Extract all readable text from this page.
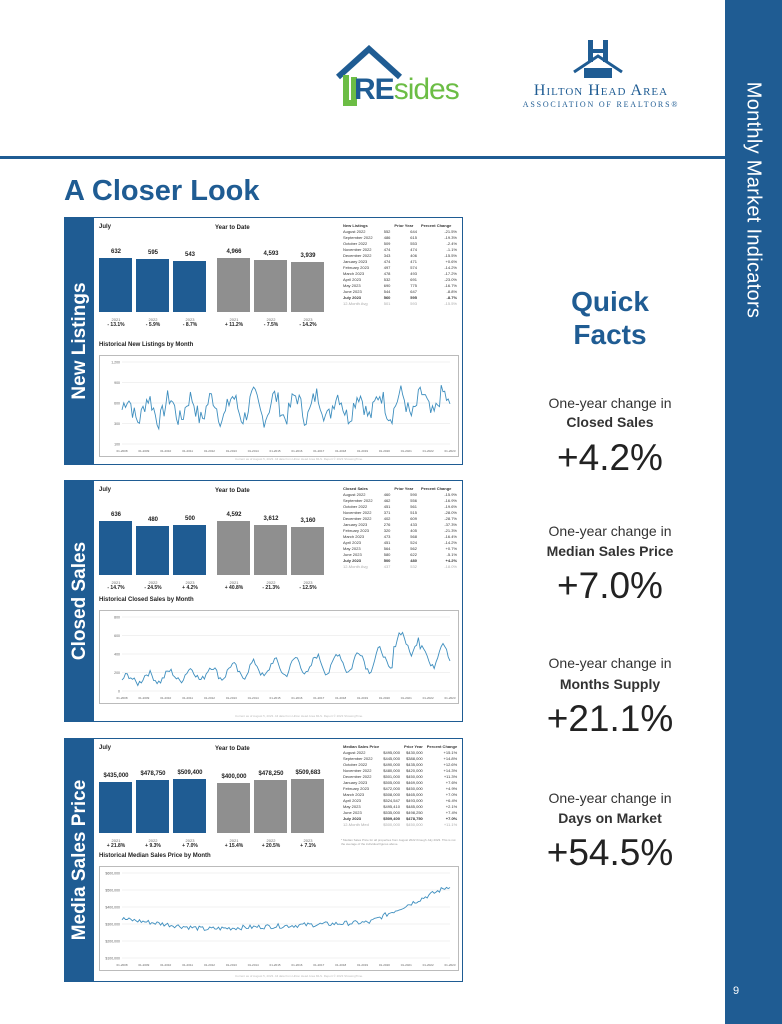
REsides	Hilton Head Area
ASSOCIATION OF REALTORS®	Monthly Market Indicators
9
A Closer Look
New Listings
July	Year to Date
632
2021
- 13.1%
595
2022
- 5.9%
543
2023
- 8.7%
4,966
2021
+ 11.2%
4,593
2022
- 7.5%
3,939
2023
- 14.2%
New Listings		Prior Year	Percent Change
August 2022	552	644	-21.5%
September 2022	486	615	-19.3%
October 2022	509	553	-2.4%
November 2022	474	474	-1.1%
December 2022	343	406	-15.5%
January 2023	474	471	+0.6%
February 2023	497	574	-14.2%
March 2023	478	493	-17.2%
April 2023	532	691	-23.0%
May 2023	690	775	-16.7%
June 2023	544	647	-8.8%
July 2023	560	595	-8.7%
12-Month Avg	501	593	-15.5%
Historical New Listings by Month
1,200
900
600
300
100
01-2008	01-2009	01-2010	01-2011	01-2012	01-2013	01-2014	01-2015	01-2016	01-2017	01-2018	01-2019	01-2020	01-2021	01-2022	01-2023
Current as of August 5, 2023. All data from Hilton Head Area MLS. Report © 2023 ShowingTime.
Closed Sales
July	Year to Date
636
2021
- 14.7%
480
2022
- 24.5%
500
2023
+ 4.2%
4,592
2021
+ 40.8%
3,612
2022
- 21.3%
3,160
2023
- 12.5%
Closed Sales		Prior Year	Percent Change
August 2022	460	590	-15.9%
September 2022	462	556	-16.9%
October 2022	451	561	-19.6%
November 2022	371	515	-28.0%
December 2022	402	609	-28.7%
January 2023	276	433	-37.3%
February 2023	320	405	-21.3%
March 2023	473	568	-16.4%
April 2023	451	524	-14.2%
May 2023	564	562	+0.7%
June 2023	580	622	-5.1%
July 2023	500	480	+4.2%
12-Month Avg	437	532	-18.0%
Historical Closed Sales by Month
800
600
400
200
0
01-2008	01-2009	01-2010	01-2011	01-2012	01-2013	01-2014	01-2015	01-2016	01-2017	01-2018	01-2019	01-2020	01-2021	01-2022	01-2023
Current as of August 5, 2023. All data from Hilton Head Area MLS. Report © 2023 ShowingTime.
Media Sales Price
July	Year to Date
$435,000
2021
+ 21.8%
$478,750
2022
+ 9.3%
$509,400
2023
+ 7.0%
$400,000
2021
+ 15.4%
$478,250
2022
+ 20.5%
$509,683
2023
+ 7.1%
Median Sales Price		Prior Year	Percent Change
August 2022	$495,000	$430,000	+15.1%
September 2022	$445,000	$388,000	+14.8%
October 2022	$490,000	$435,000	+12.6%
November 2022	$480,000	$420,000	+14.3%
December 2022	$501,000	$450,000	+11.3%
January 2023	$505,000	$469,000	+7.6%
February 2023	$472,000	$450,000	+4.9%
March 2023	$508,000	$465,000	+7.0%
April 2023	$524,547	$493,000	+6.4%
May 2023	$495,410	$485,000	+2.1%
June 2023	$535,000	$498,250	+7.4%
July 2023	$509,400	$478,750	+7.0%
12-Month Med	$500,000	$450,000	+11.1%
* Median Sales Price for all properties from August 2022 through July 2023. This is not the average of the individual figures above.
Historical Median Sales Price by Month
$600,000
$500,000
$400,000
$300,000
$200,000
$100,000
01-2008	01-2009	01-2010	01-2011	01-2012	01-2013	01-2014	01-2015	01-2016	01-2017	01-2018	01-2019	01-2020	01-2021	01-2022	01-2023
Current as of August 5, 2023. All data from Hilton Head Area MLS. Report © 2023 ShowingTime.
Quick
Facts
One-year change in
Closed Sales
+4.2%
One-year change in
Median Sales Price
+7.0%
One-year change in
Months Supply
+21.1%
One-year change in
Days on Market
+54.5%
